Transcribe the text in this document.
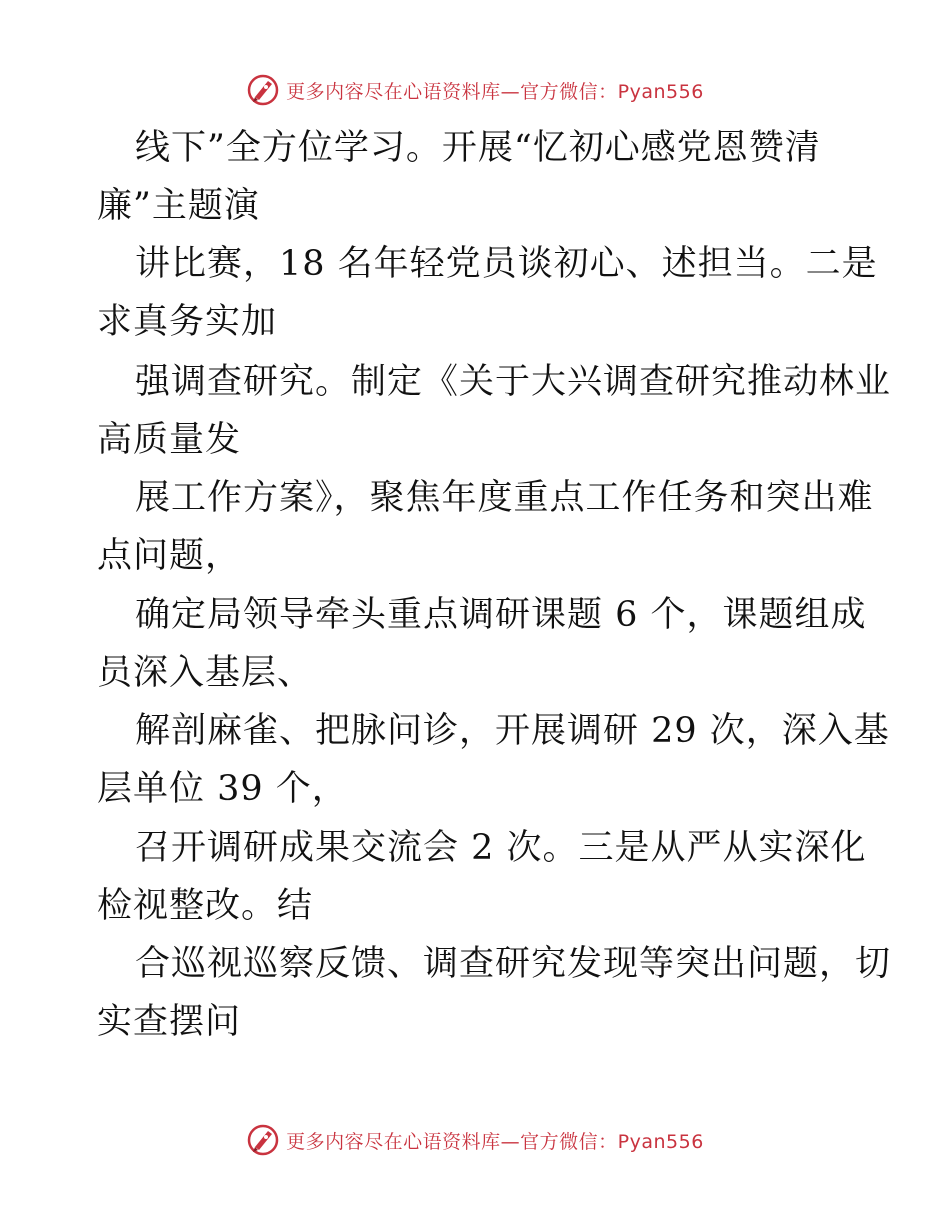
更多内容尽在心语资料库—官方微信：Pyan556
线下”全方位学习。开展“忆初心感党恩赞清
廉”主题演
讲比赛，18 名年轻党员谈初心、述担当。二是
求真务实加
强调查研究。制定《关于大兴调查研究推动林业
高质量发
展工作方案》，聚焦年度重点工作任务和突出难
点问题，
确定局领导牵头重点调研课题 6 个，课题组成
员深入基层、
解剖麻雀、把脉问诊，开展调研 29 次，深入基
层单位 39 个，
召开调研成果交流会 2 次。三是从严从实深化
检视整改。结
合巡视巡察反馈、调查研究发现等突出问题，切
实查摆问
更多内容尽在心语资料库—官方微信：Pyan556
